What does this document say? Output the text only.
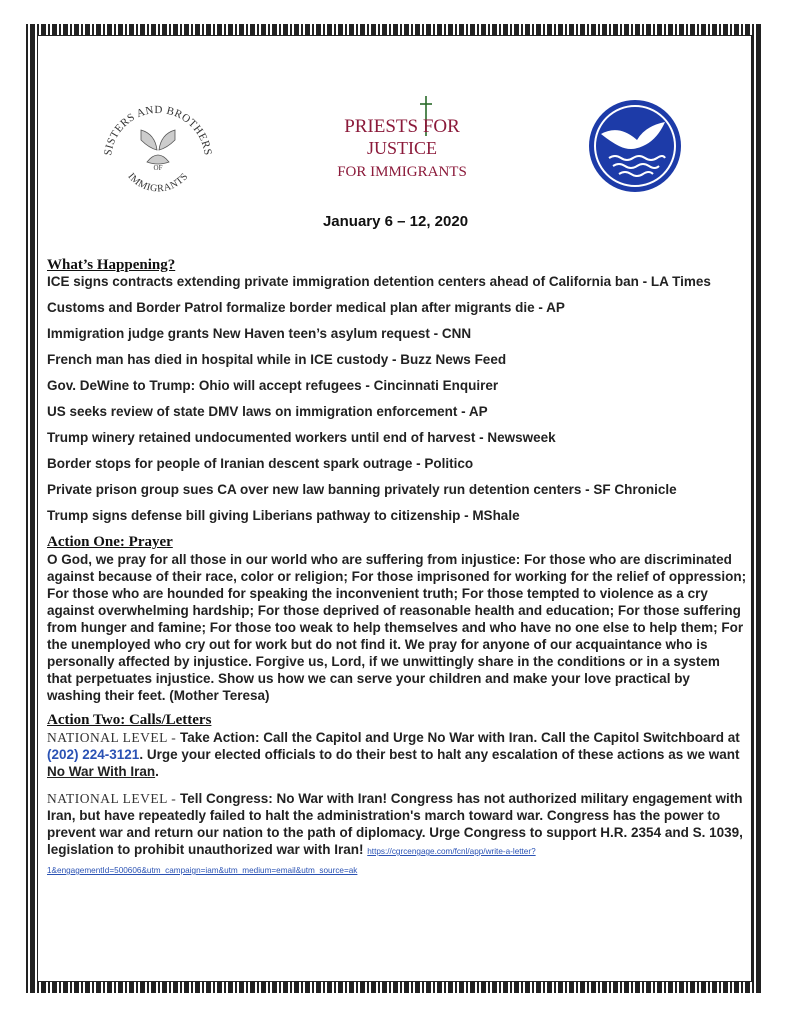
SISTERS AND BROTHERS
OF
IMMIGRANTS
PRIESTS FOR
JUSTICE
FOR IMMIGRANTS
January 6 – 12, 2020
What’s Happening?
ICE signs contracts extending private immigration detention centers ahead of California ban - LA Times
Customs and Border Patrol formalize border medical plan after migrants die - AP
Immigration judge grants New Haven teen’s asylum request - CNN
French man has died in hospital while in ICE custody - Buzz News Feed
Gov. DeWine to Trump: Ohio will accept refugees - Cincinnati Enquirer
US seeks review of state DMV laws on immigration enforcement - AP
Trump winery retained undocumented workers until end of harvest - Newsweek
Border stops for people of Iranian descent spark outrage - Politico
Private prison group sues CA over new law banning privately run detention centers - SF Chronicle
Trump signs defense bill giving Liberians pathway to citizenship - MShale
Action One: Prayer

O God, we pray for all those in our world who are suffering from injustice: For those who are discriminated against because of their race, color or religion; For those imprisoned for working for the relief of oppression; For those who are hounded for speaking the inconvenient truth; For those tempted to violence as a cry against overwhelming hardship; For those deprived of reasonable health and education; For those suffering from hunger and famine; For those too weak to help themselves and who have no one else to help them; For the unemployed who cry out for work but do not find it. We pray for anyone of our acquaintance who is personally affected by injustice. Forgive us, Lord, if we unwittingly share in the conditions or in a system that perpetuates injustice. Show us how we can serve your children and make your love practical by washing their feet. (Mother Teresa)

Action Two: Calls/Letters

NATIONAL LEVEL - Take Action: Call the Capitol and Urge No War with Iran. Call the Capitol Switchboard at (202) 224-3121. Urge your elected officials to do their best to halt any escalation of these actions as we want No War With Iran.

NATIONAL LEVEL - Tell Congress: No War with Iran! Congress has not authorized military engagement with Iran, but have repeatedly failed to halt the administration's march toward war. Congress has the power to prevent war and return our nation to the path of diplomacy. Urge Congress to support H.R. 2354 and S. 1039, legislation to prohibit unauthorized war with Iran! https://cgrcengage.com/fcnl/app/write-a-letter?1&engagementId=500606&utm_campaign=iam&utm_medium=email&utm_source=ak
